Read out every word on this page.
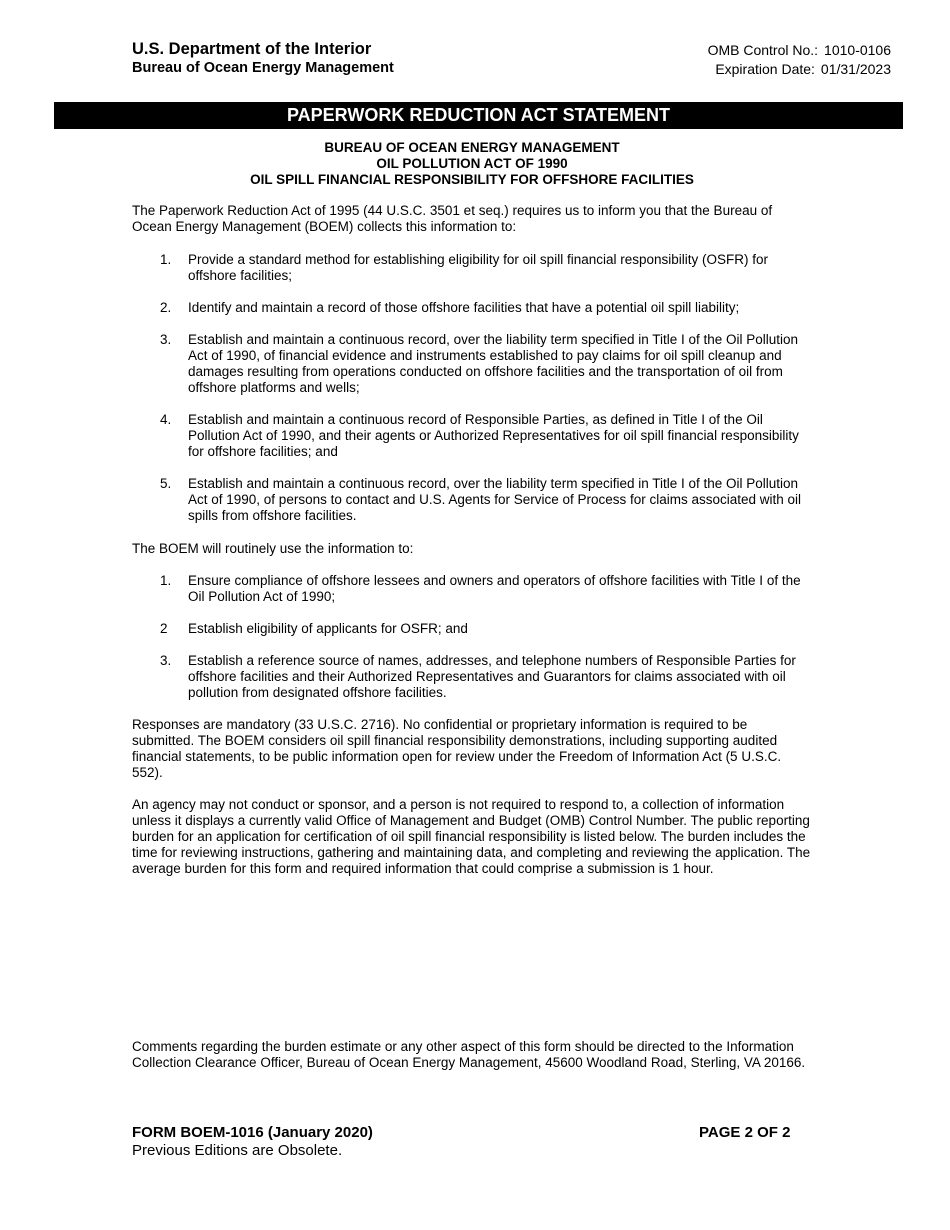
U.S. Department of the Interior
Bureau of Ocean Energy Management
OMB Control No.: 1010-0106
Expiration Date: 01/31/2023
PAPERWORK REDUCTION ACT STATEMENT
BUREAU OF OCEAN ENERGY MANAGEMENT
OIL POLLUTION ACT OF 1990
OIL SPILL FINANCIAL RESPONSIBILITY FOR OFFSHORE FACILITIES

The Paperwork Reduction Act of 1995 (44 U.S.C. 3501 et seq.) requires us to inform you that the Bureau of Ocean Energy Management (BOEM) collects this information to:

1. Provide a standard method for establishing eligibility for oil spill financial responsibility (OSFR) for offshore facilities;
2. Identify and maintain a record of those offshore facilities that have a potential oil spill liability;
3. Establish and maintain a continuous record, over the liability term specified in Title I of the Oil Pollution Act of 1990, of financial evidence and instruments established to pay claims for oil spill cleanup and damages resulting from operations conducted on offshore facilities and the transportation of oil from offshore platforms and wells;
4. Establish and maintain a continuous record of Responsible Parties, as defined in Title I of the Oil Pollution Act of 1990, and their agents or Authorized Representatives for oil spill financial responsibility for offshore facilities; and
5. Establish and maintain a continuous record, over the liability term specified in Title I of the Oil Pollution Act of 1990, of persons to contact and U.S. Agents for Service of Process for claims associated with oil spills from offshore facilities.

The BOEM will routinely use the information to:

1. Ensure compliance of offshore lessees and owners and operators of offshore facilities with Title I of the Oil Pollution Act of 1990;
2 Establish eligibility of applicants for OSFR; and
3. Establish a reference source of names, addresses, and telephone numbers of Responsible Parties for offshore facilities and their Authorized Representatives and Guarantors for claims associated with oil pollution from designated offshore facilities.

Responses are mandatory (33 U.S.C. 2716). No confidential or proprietary information is required to be submitted. The BOEM considers oil spill financial responsibility demonstrations, including supporting audited financial statements, to be public information open for review under the Freedom of Information Act (5 U.S.C. 552).

An agency may not conduct or sponsor, and a person is not required to respond to, a collection of information unless it displays a currently valid Office of Management and Budget (OMB) Control Number. The public reporting burden for an application for certification of oil spill financial responsibility is listed below. The burden includes the time for reviewing instructions, gathering and maintaining data, and completing and reviewing the application. The average burden for this form and required information that could comprise a submission is 1 hour.

Comments regarding the burden estimate or any other aspect of this form should be directed to the Information Collection Clearance Officer, Bureau of Ocean Energy Management, 45600 Woodland Road, Sterling, VA 20166.

FORM BOEM-1016 (January 2020)
Previous Editions are Obsolete.
PAGE 2 OF 2
